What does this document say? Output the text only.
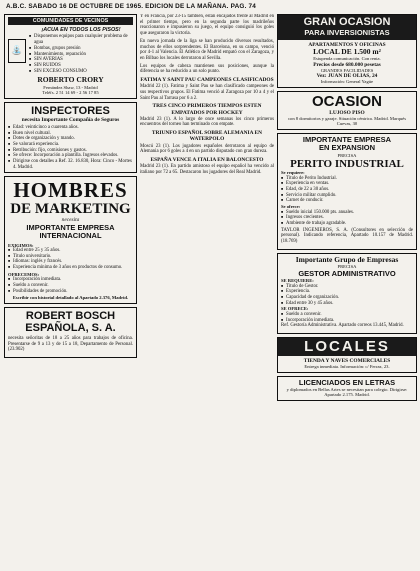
A.B.C. SABADO 16 DE OCTUBRE DE 1965. EDICION DE LA MAÑANA. PAG. 74
COMUNIDADES DE VECINOS
⛲
¡ACUA EN TODOS LOS PISOS!
■ Disponemos equipos para cualquier problema de agua
■ Bombas, grupos presión
■ Mantenimiento, reparación
■ SIN AVERIAS
■ SIN RUIDOS
■ SIN EXCESO CONSUMO
ROBERTO CRORY
Fernández Shaw, 13 - Madrid
Teléfs. 2 51 14 69 - 2 56 17 85
INSPECTORES
necesita Importante Compañía de Seguros
■ Edad: veinticinco a cuarenta años.
■ Buen nivel cultural.
■ Dotes de organización y mando.
■ Se valorará experiencia.
■ Retribución: fijo, comisiones y gastos.
■ Se ofrece: Incorporación a plantilla. Ingresos elevados.
■ Dirigirse con detalles a Ref. 32. 16.830, Hora: Cinco - Mortes 4. Madrid.
HOMBRES
DE MARKETING
necesita
IMPORTANTE EMPRESA INTERNACIONAL
EXIGIMOS:
■ Edad entre 25 y 35 años.
■ Título universitario.
■ Idiomas: inglés y francés.
■ Experiencia mínima de 3 años en productos de consumo.
OFRECEMOS:
■ Incorporación inmediata.
■ Sueldo a convenir.
■ Posibilidades de promoción.
Escribir con historial detallado al Apartado 2.376, Madrid.
ROBERT BOSCH
ESPAÑOLA, S. A.
necesita señoritas de 18 a 25 años para trabajos de oficina. Presentarse de 9 a 13 y de 15 a 18, Departamento de Personal. (23.902)

Y en Francia, por 23-15 también, están encajados frente al Madrid en el primer tiempo, pero en la segunda parte los madrileños reaccionaron e impusieron su juego, el equipo consiguió los goles que aseguraron la victoria.

En nueva jornada de la liga se han producido diversos resultados, muchos de ellos sorprendentes. El Barcelona, en su campo, venció por 4-1 al Valencia. El Atlético de Madrid empató con el Zaragoza, y en Bilbao los locales derrotaron al Sevilla.

Los equipos de cabeza mantienen sus posiciones, aunque la diferencia se ha reducido a un solo punto.

FATIMA Y SAINT PAU CAMPEONES CLASIFICADOS

Madrid 22 (1). Fatima y Saint Pau se han clasificado campeones de sus respectivos grupos. El Fatima venció al Zaragoza por 10 a 4 y el Saint Pau al Tarrasa por 6 a 2.

TRES CINCO PRIMEROS TIEMPOS ESTEN EMPATADOS POR HOCKEY

Madrid 23 (1). A lo largo de once semanas los cinco primeros encuentros del torneo han terminado con empate.

TRIUNFO ESPAÑOL SOBRE ALEMANIA EN WATERPOLO

Moscú 23 (1). Los jugadores españoles derrotaron al equipo de Alemania por 6 goles a 4 en un partido disputado con gran dureza.

ESPAÑA VENCE A ITALIA EN BALONCESTO

Madrid 23 (1). En partido amistoso el equipo español ha vencido al italiano por 72 a 65. Destacaron los jugadores del Real Madrid.

GRAN OCASION
PARA INVERSIONISTAS
APARTAMENTOS Y OFICINAS
LOCAL DE 1.500 m²
Estupenda comunicación. Con renta.
Precios desde 680.000 pesetas
GRANDES FACILIDADES
Vez: JUAN DE OLIAS, 24
Información: General Yagüe
OCASION
LUJOSO PISO
con 8 dormitorios y garaje. Situación céntrica. Madrid. Marqués Cuevas, 30
IMPORTANTE EMPRESA
EN EXPANSION
PRECISA
PERITO INDUSTRIAL
Se requiere:
■ Título de Perito Industrial.
■ Experiencia en ventas.
■ Edad, de 22 a 30 años.
■ Servicio militar cumplido.
■ Carnet de conducir.
Se ofrece:
■ Sueldo inicial 150.000 pts. anuales.
■ Ingresos crecientes.
■ Ambiente de trabajo agradable.
TAYLOR INGENIEROS, S. A. (Consultores en selección de personal). Indicando referencia, Apartado 10.157 de Madrid. (18.769)
Importante Grupo de Empresas
PRECISA
GESTOR ADMINISTRATIVO
SE REQUIERE:
■ Título de Gestor.
■ Experiencia.
■ Capacidad de organización.
■ Edad entre 30 y 45 años.
SE OFRECE:
■ Sueldo a convenir.
■ Incorporación inmediata.
Ref. Gestoría Administrativa. Apartado correos 13.445, Madrid.
LOCALES
TIENDA Y NAVES COMERCIALES
Entrega inmediata. Información: c/ Ferraz, 23.
LICENCIADOS EN LETRAS
y diplomados en Bellas Artes se necesitan para colegio. Dirigirse: Apartado 2.175. Madrid.
